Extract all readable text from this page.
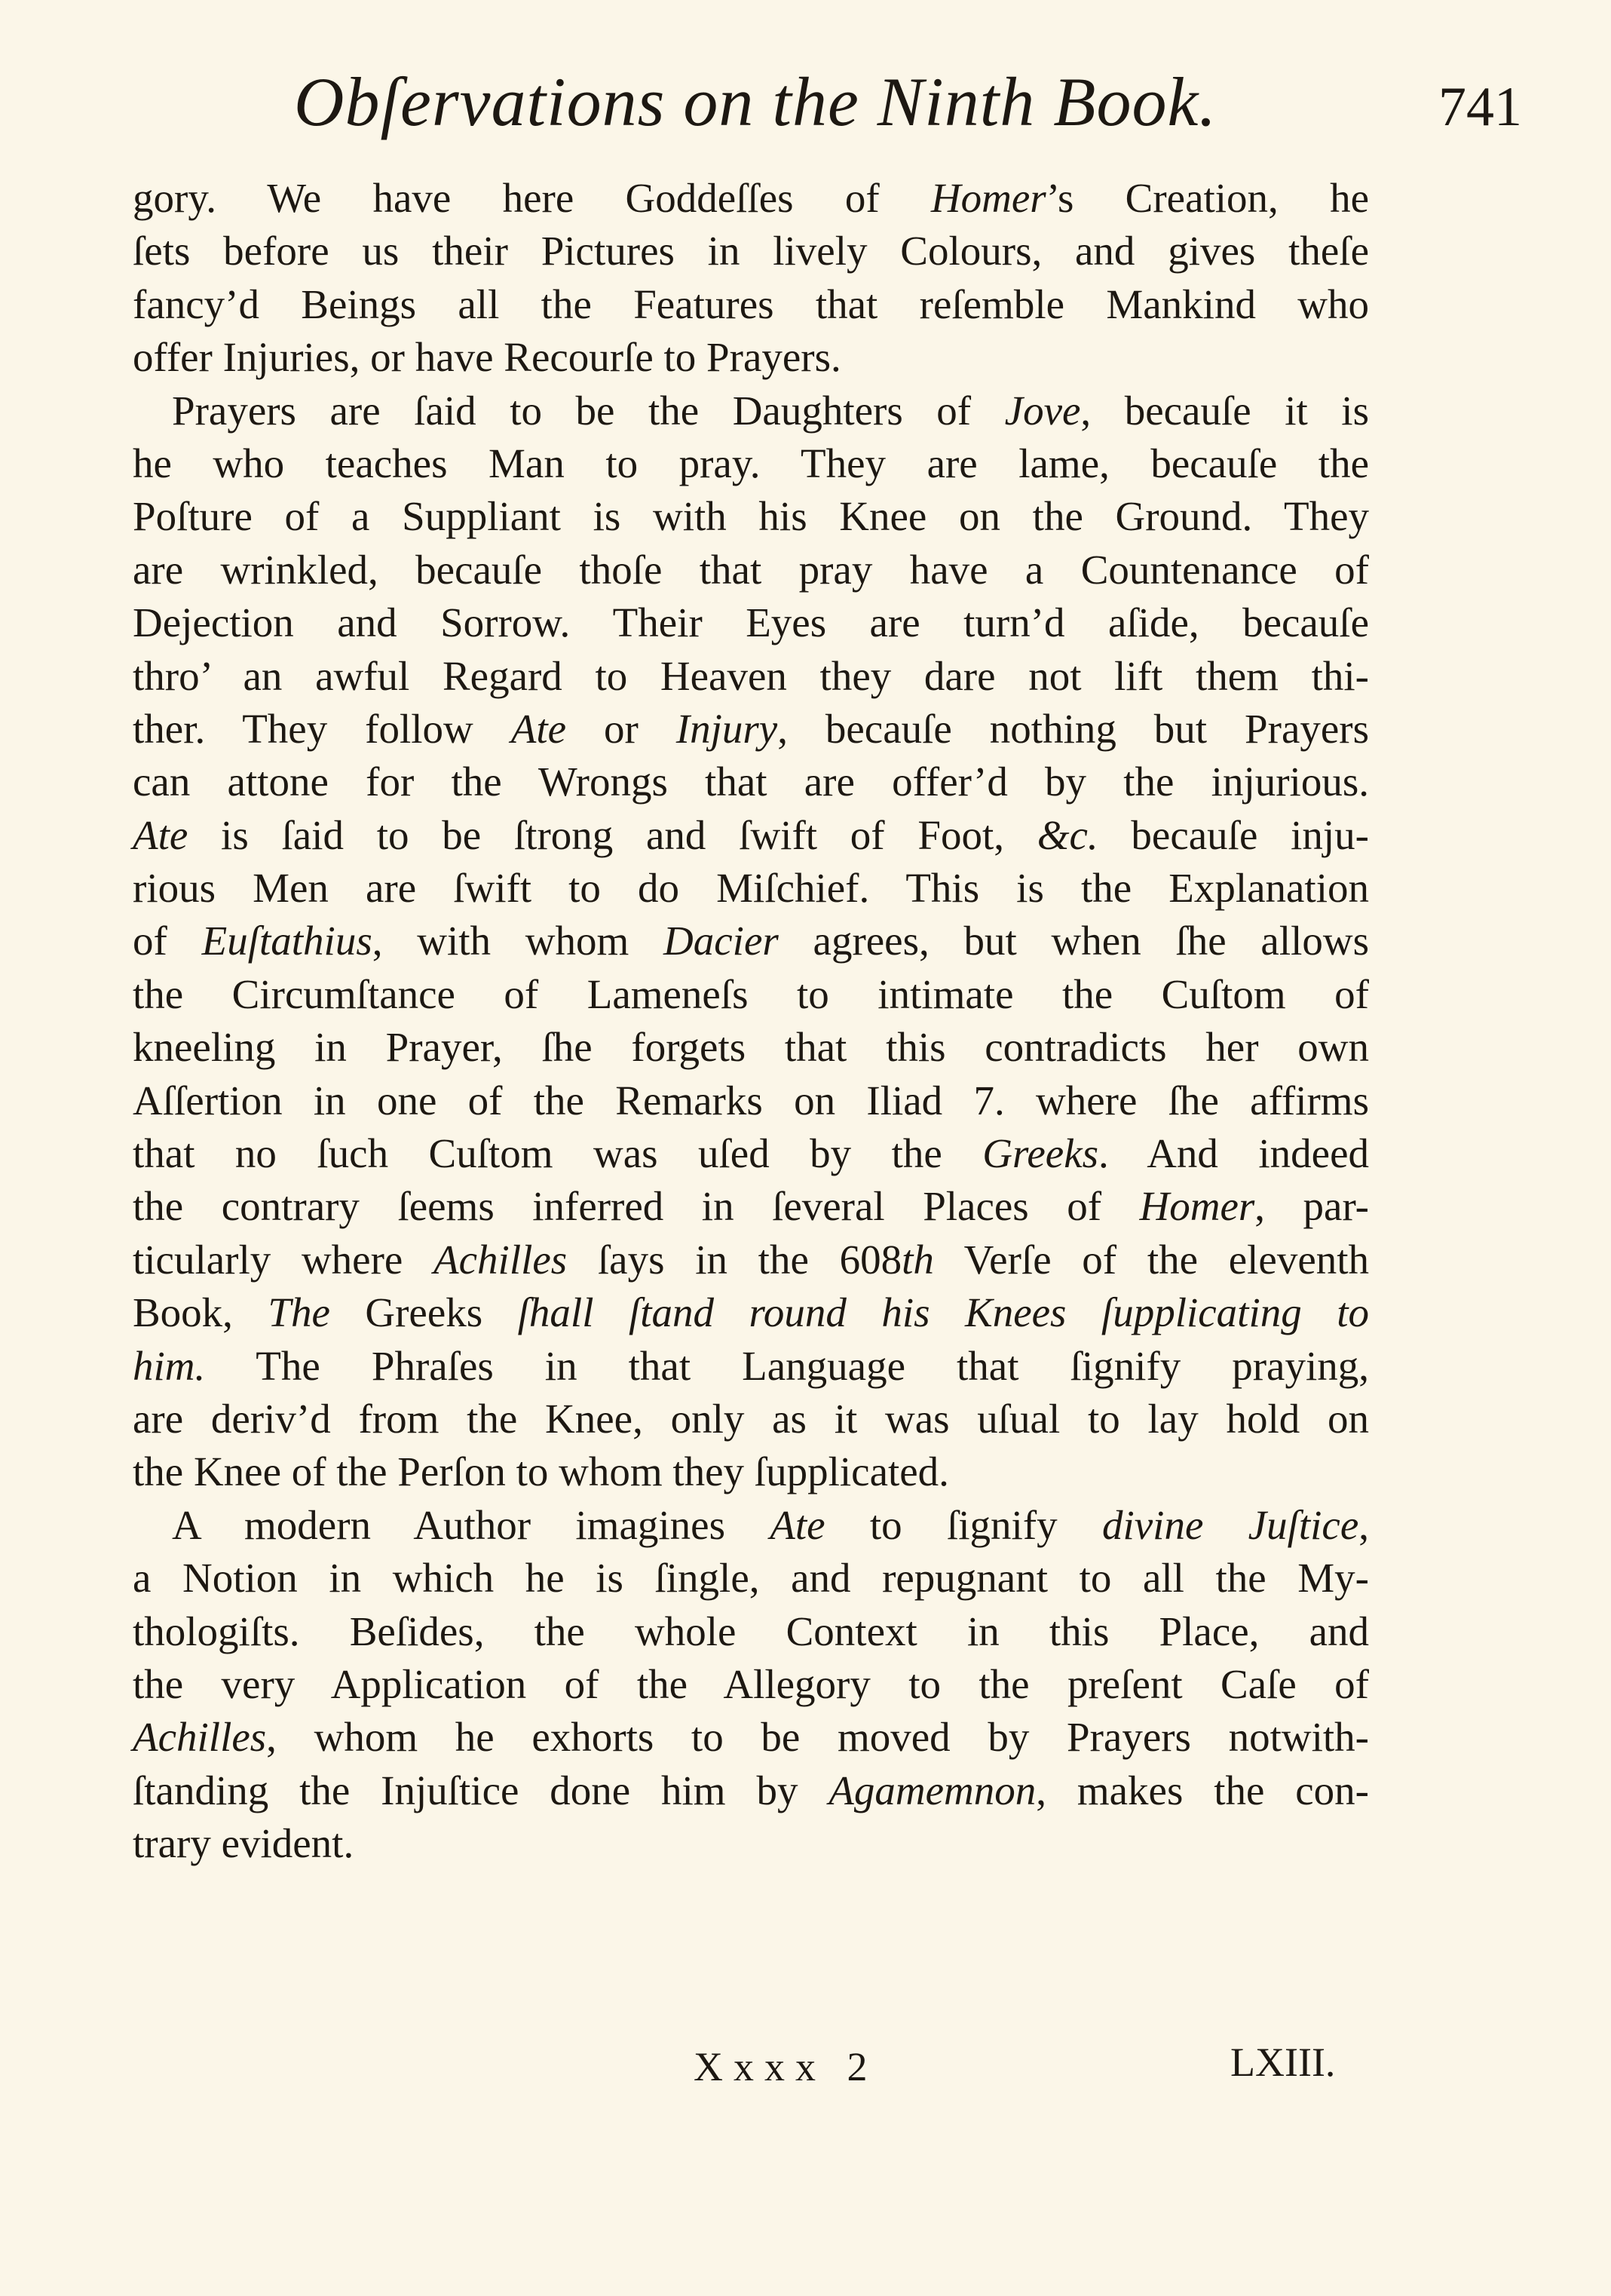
Obſervations on the Ninth Book.	741
gory. We have here Goddeſſes of Homer’s Creation, he
ſets before us their Pictures in lively Colours, and gives theſe
fancy’d Beings all the Features that reſemble Mankind who
offer Injuries, or have Recourſe to Prayers.
Prayers are ſaid to be the Daughters of Jove, becauſe it is
he who teaches Man to pray. They are lame, becauſe the
Poſture of a Suppliant is with his Knee on the Ground. They
are wrinkled, becauſe thoſe that pray have a Countenance of
Dejection and Sorrow. Their Eyes are turn’d aſide, becauſe
thro’ an awful Regard to Heaven they dare not lift them thi-
ther. They follow Ate or Injury, becauſe nothing but Prayers
can attone for the Wrongs that are offer’d by the injurious.
Ate is ſaid to be ſtrong and ſwift of Foot, &c. becauſe inju-
rious Men are ſwift to do Miſchief. This is the Explanation
of Euſtathius, with whom Dacier agrees, but when ſhe allows
the Circumſtance of Lameneſs to intimate the Cuſtom of
kneeling in Prayer, ſhe forgets that this contradicts her own
Aſſertion in one of the Remarks on Iliad 7. where ſhe affirms
that no ſuch Cuſtom was uſed by the Greeks. And indeed
the contrary ſeems inferred in ſeveral Places of Homer, par-
ticularly where Achilles ſays in the 608th Verſe of the eleventh
Book, The Greeks ſhall ſtand round his Knees ſupplicating to
him. The Phraſes in that Language that ſignify praying,
are deriv’d from the Knee, only as it was uſual to lay hold on
the Knee of the Perſon to whom they ſupplicated.
A modern Author imagines Ate to ſignify divine Juſtice,
a Notion in which he is ſingle, and repugnant to all the My-
thologiſts. Beſides, the whole Context in this Place, and
the very Application of the Allegory to the preſent Caſe of
Achilles, whom he exhorts to be moved by Prayers notwith-
ſtanding the Injuſtice done him by Agamemnon, makes the con-
trary evident.
Xxxx 2	LXIII.
